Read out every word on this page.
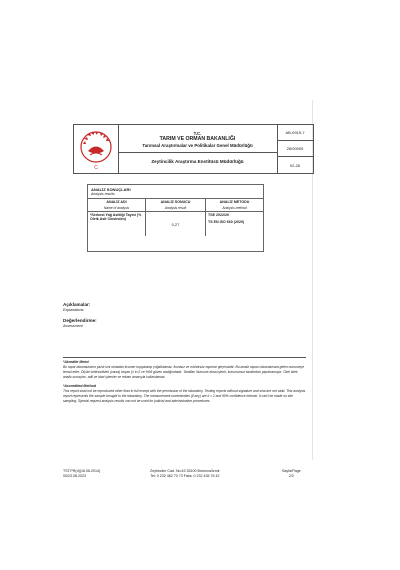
C
T.C.
TARIM VE ORMAN BAKANLIĞI
Tarımsal Araştırmalar ve Politikalar Genel Müdürlüğü
Zeytincilik Araştırma Enstitüsü Müdürlüğü
AB-0915-7
26/00005
02-26
ANALİZ SONUÇLARI
Analysis results
ANALİZ ADI
Name of analysis
ANALİZ SONUCU
Analysis result
ANALİZ METODU
Analysis method
*Serbest Yağ Asitliği Tayini (% Oleik Asit Cinsinden)
0,27
TSE 2022/20
TS EN ISO 660 (2020)
Açıklamalar:
Explanations
Değerlendirme:
Assessment
*Akredite Metot
Bu rapor laboratuvarın yazılı izni olmadan kısmen kopyalanıp çoğaltılamaz. İmzasız ve mühürsüz raporlar geçersizdir. Bu analiz raporu laboratuvara gelen numuneye temsil eder. Ölçüm belirsizlikleri (varsa) beyan (± k=2 ve %95 güven aralığındadır. Tarafları Numune alma işlemi, kurumumuz tarafından yapılmamıştır. Özel istek analiz sonuçları, adli ve idari işlemler ve rekam amacıyla kullanılamaz.
*Accredited Method
This report shall not be reproduced other than in full except with the permission of the laboratory. Testing reports without signature and seal are not valid. This analysis report represents the sample brought to the laboratory. The measurement uncertainties (if any) are k = 2 and 95% confidence interval. It can't be made on site sampling. Special request analysis results can not be used for judicial and administrative procedures.
TST.PR(d)(16.06.2014)
00/23.08.2023
Zeytinciler Cad. No:43 35100 Bornova/İzmir
Tel: 0 232 462 70 73 Faks: 0 232 435 76 42
Sayfa/Page
2/2
